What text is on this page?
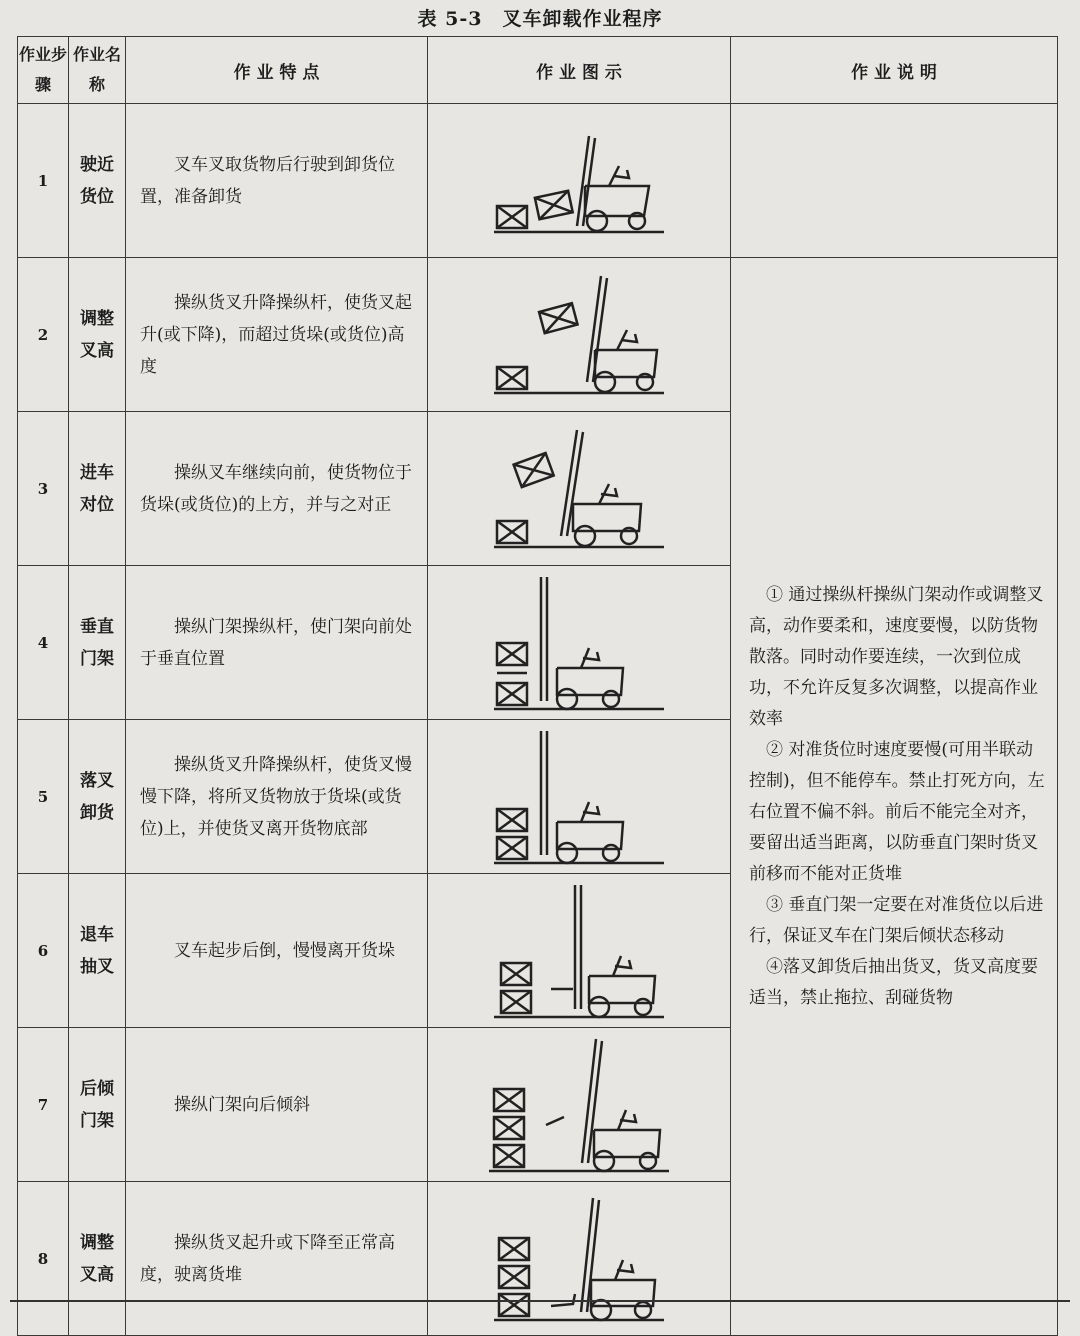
表 5-3　叉车卸载作业程序
作业步骤	作业名称	作 业 特 点	作 业 图 示	作 业 说 明
1	驶近货位	叉车叉取货物后行驶到卸货位置，准备卸货

2	调整叉高	操纵货叉升降操纵杆，使货叉起升(或下降)，而超过货垛(或货位)高度		① 通过操纵杆操纵门架动作或调整叉高，动作要柔和，速度要慢，以防货物散落。同时动作要连续，一次到位成功，不允许反复多次调整，以提高作业效率

② 对准货位时速度要慢(可用半联动控制)，但不能停车。禁止打死方向，左右位置不偏不斜。前后不能完全对齐，要留出适当距离，以防垂直门架时货叉前移而不能对正货堆

③ 垂直门架一定要在对准货位以后进行，保证叉车在门架后倾状态移动

④落叉卸货后抽出货叉，货叉高度要适当，禁止拖拉、刮碰货物

3	进车对位	操纵叉车继续向前，使货物位于货垛(或货位)的上方，并与之对正

4	垂直门架	操纵门架操纵杆，使门架向前处于垂直位置

5	落叉卸货	操纵货叉升降操纵杆，使货叉慢慢下降，将所叉货物放于货垛(或货位)上，并使货叉离开货物底部

6	退车抽叉	叉车起步后倒，慢慢离开货垛

7	后倾门架	操纵门架向后倾斜

8	调整叉高	操纵货叉起升或下降至正常高度，驶离货堆
